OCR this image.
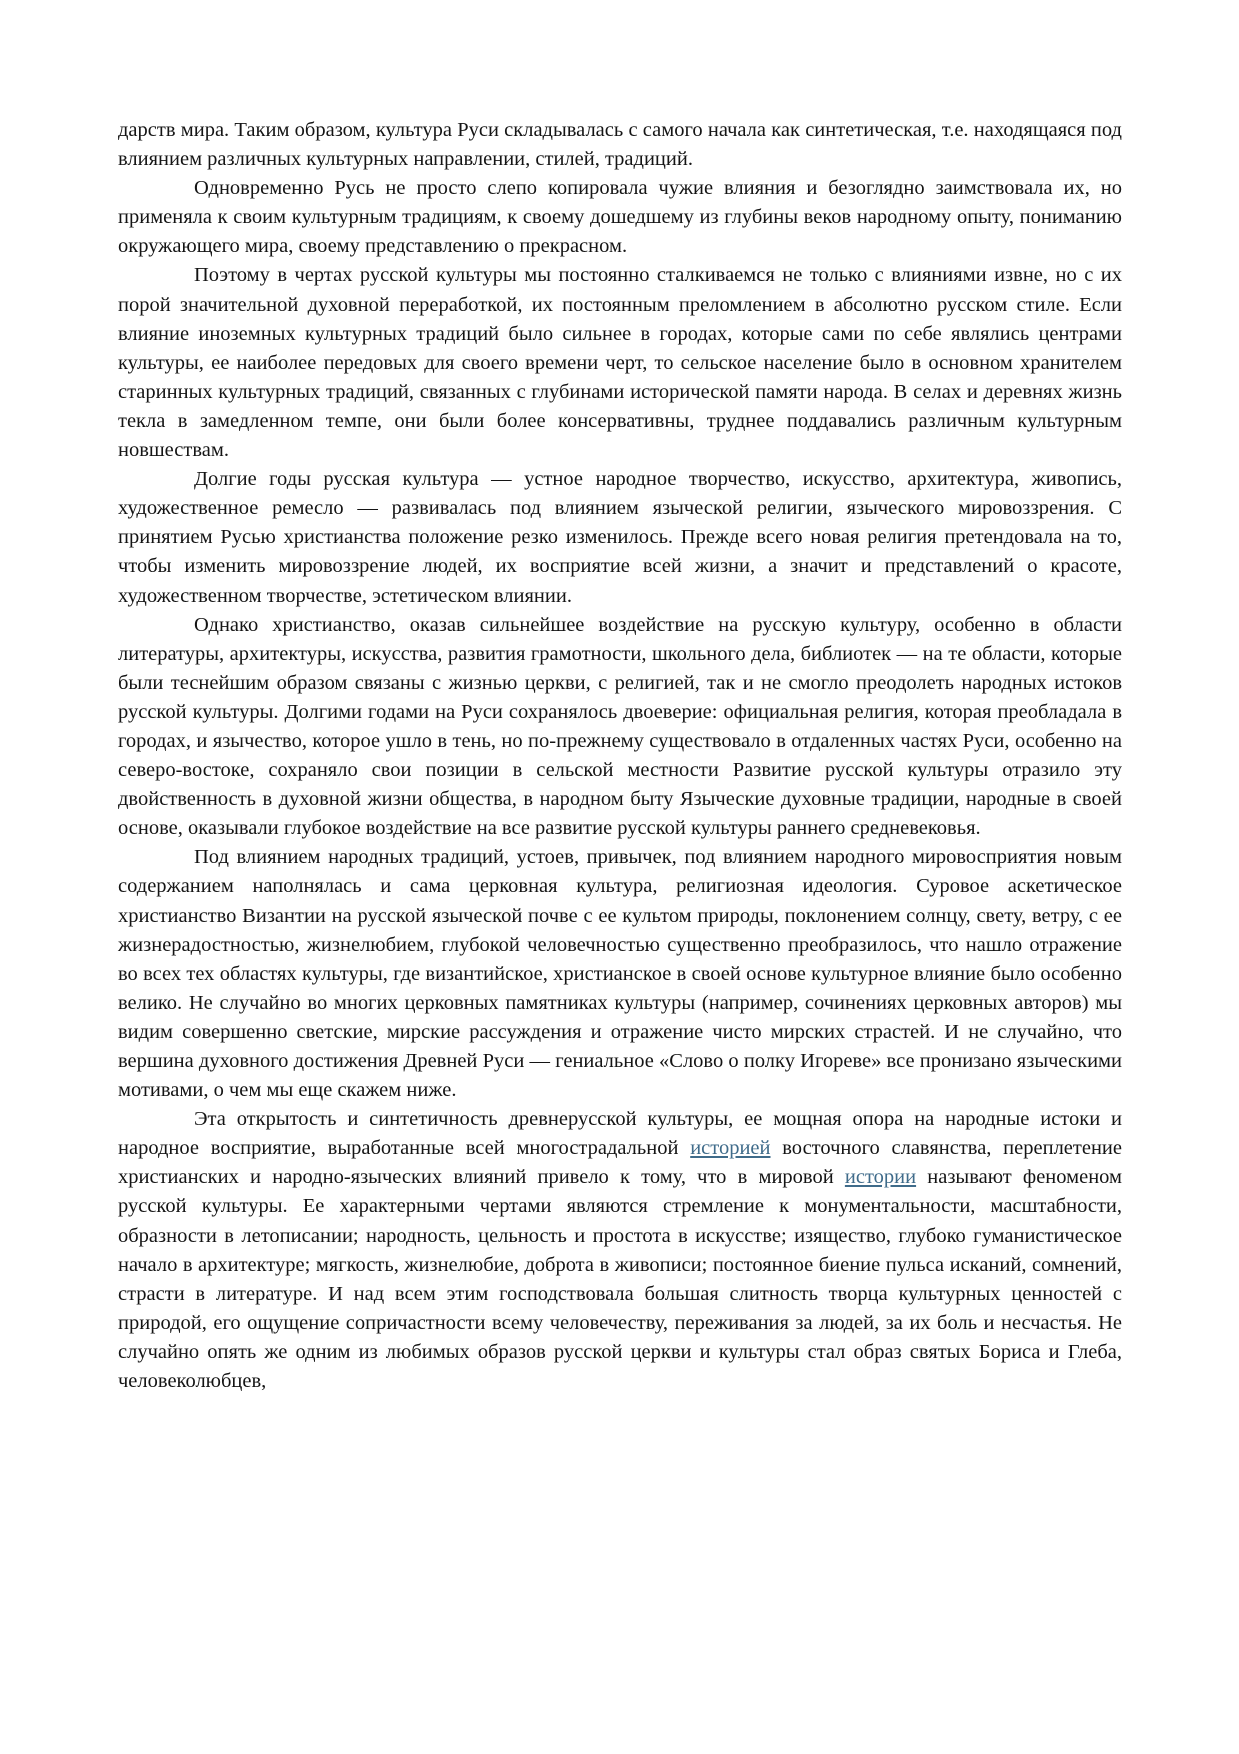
дарств мира. Таким образом, культура Руси складывалась с самого начала как синтетическая, т.е. находящаяся под влиянием различных культурных направлении, стилей, традиций.

Одновременно Русь не просто слепо копировала чужие влияния и безоглядно заимствовала их, но применяла к своим культурным традициям, к своему дошедшему из глубины веков народному опыту, пониманию окружающего мира, своему представлению о прекрасном.

Поэтому в чертах русской культуры мы постоянно сталкиваемся не только с влияниями извне, но с их порой значительной духовной переработкой, их постоянным преломлением в абсолютно русском стиле. Если влияние иноземных культурных традиций было сильнее в городах, которые сами по себе являлись центрами культуры, ее наиболее передовых для своего времени черт, то сельское население было в основном хранителем старинных культурных традиций, связанных с глубинами исторической памяти народа. В селах и деревнях жизнь текла в замедленном темпе, они были более консервативны, труднее поддавались различным культурным новшествам.

Долгие годы русская культура — устное народное творчество, искусство, архитектура, живопись, художественное ремесло — развивалась под влиянием языческой религии, языческого мировоззрения. С принятием Русью христианства положение резко изменилось. Прежде всего новая религия претендовала на то, чтобы изменить мировоззрение людей, их восприятие всей жизни, а значит и представлений о красоте, художественном творчестве, эстетическом влиянии.

Однако христианство, оказав сильнейшее воздействие на русскую культуру, особенно в области литературы, архитектуры, искусства, развития грамотности, школьного дела, библиотек — на те области, которые были теснейшим образом связаны с жизнью церкви, с религией, так и не смогло преодолеть народных истоков русской культуры. Долгими годами на Руси сохранялось двоеверие: официальная религия, которая преобладала в городах, и язычество, которое ушло в тень, но по-прежнему существовало в отдаленных частях Руси, особенно на северо-востоке, сохраняло свои позиции в сельской местности Развитие русской культуры отразило эту двойственность в духовной жизни общества, в народном быту Языческие духовные традиции, народные в своей основе, оказывали глубокое воздействие на все развитие русской культуры раннего средневековья.

Под влиянием народных традиций, устоев, привычек, под влиянием народного мировосприятия новым содержанием наполнялась и сама церковная культура, религиозная идеология. Суровое аскетическое христианство Византии на русской языческой почве с ее культом природы, поклонением солнцу, свету, ветру, с ее жизнерадостностью, жизнелюбием, глубокой человечностью существенно преобразилось, что нашло отражение во всех тех областях культуры, где византийское, христианское в своей основе культурное влияние было особенно велико. Не случайно во многих церковных памятниках культуры (например, сочинениях церковных авторов) мы видим совершенно светские, мирские рассуждения и отражение чисто мирских страстей. И не случайно, что вершина духовного достижения Древней Руси — гениальное «Слово о полку Игореве» все пронизано языческими мотивами, о чем мы еще скажем ниже.

Эта открытость и синтетичность древнерусской культуры, ее мощная опора на народные истоки и народное восприятие, выработанные всей многострадальной историей восточного славянства, переплетение христианских и народно-языческих влияний привело к тому, что в мировой истории называют феноменом русской культуры. Ее характерными чертами являются стремление к монументальности, масштабности, образности в летописании; народность, цельность и простота в искусстве; изящество, глубоко гуманистическое начало в архитектуре; мягкость, жизнелюбие, доброта в живописи; постоянное биение пульса исканий, сомнений, страсти в литературе. И над всем этим господствовала большая слитность творца культурных ценностей с природой, его ощущение сопричастности всему человечеству, переживания за людей, за их боль и несчастья. Не случайно опять же одним из любимых образов русской церкви и культуры стал образ святых Бориса и Глеба, человеколюбцев,
